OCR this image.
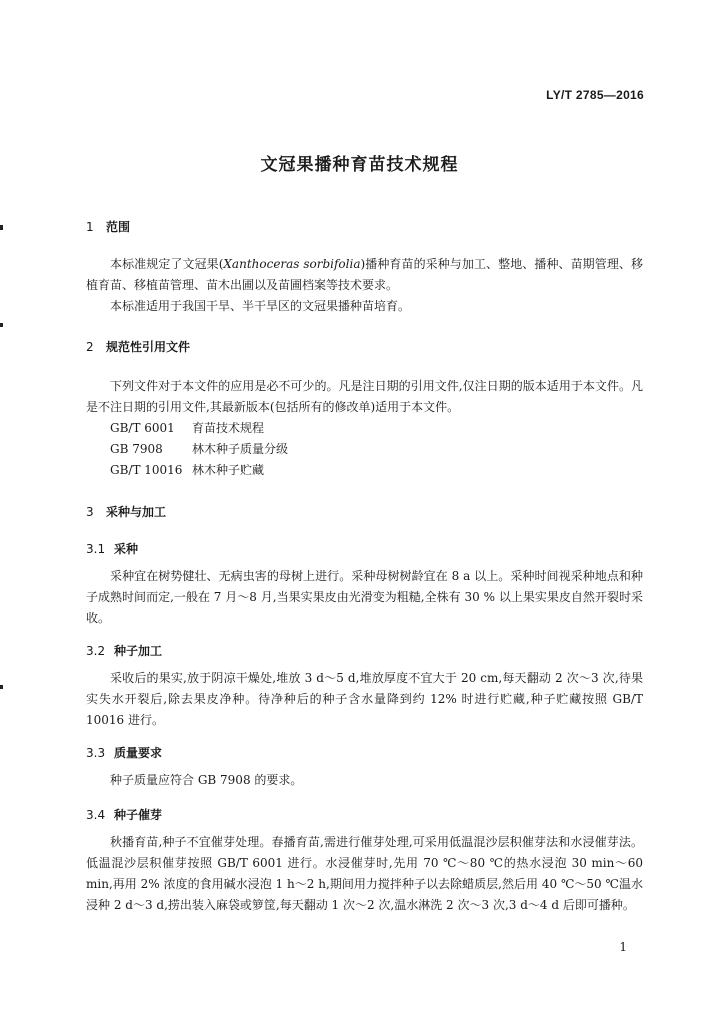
LY/T 2785—2016
文冠果播种育苗技术规程
1 范围
本标准规定了文冠果(Xanthoceras sorbifolia)播种育苗的采种与加工、整地、播种、苗期管理、移植育苗、移植苗管理、苗木出圃以及苗圃档案等技术要求。
本标准适用于我国干旱、半干旱区的文冠果播种苗培育。
2 规范性引用文件
下列文件对于本文件的应用是必不可少的。凡是注日期的引用文件,仅注日期的版本适用于本文件。凡是不注日期的引用文件,其最新版本(包括所有的修改单)适用于本文件。
GB/T 6001 育苗技术规程
GB 7908 林木种子质量分级
GB/T 10016 林木种子贮藏
3 采种与加工
3.1 采种
采种宜在树势健壮、无病虫害的母树上进行。采种母树树龄宜在 8 a 以上。采种时间视采种地点和种子成熟时间而定,一般在 7 月～8 月,当果实果皮由光滑变为粗糙,全株有 30 % 以上果实果皮自然开裂时采收。
3.2 种子加工
采收后的果实,放于阴凉干燥处,堆放 3 d～5 d,堆放厚度不宜大于 20 cm,每天翻动 2 次～3 次,待果实失水开裂后,除去果皮净种。待净种后的种子含水量降到约 12% 时进行贮藏,种子贮藏按照 GB/T 10016 进行。
3.3 质量要求
种子质量应符合 GB 7908 的要求。
3.4 种子催芽
秋播育苗,种子不宜催芽处理。春播育苗,需进行催芽处理,可采用低温混沙层积催芽法和水浸催芽法。低温混沙层积催芽按照 GB/T 6001 进行。水浸催芽时,先用 70 ℃～80 ℃的热水浸泡 30 min～60 min,再用 2% 浓度的食用碱水浸泡 1 h～2 h,期间用力搅拌种子以去除蜡质层,然后用 40 ℃～50 ℃温水浸种 2 d～3 d,捞出装入麻袋或箩筐,每天翻动 1 次～2 次,温水淋洗 2 次～3 次,3 d～4 d 后即可播种。
1
